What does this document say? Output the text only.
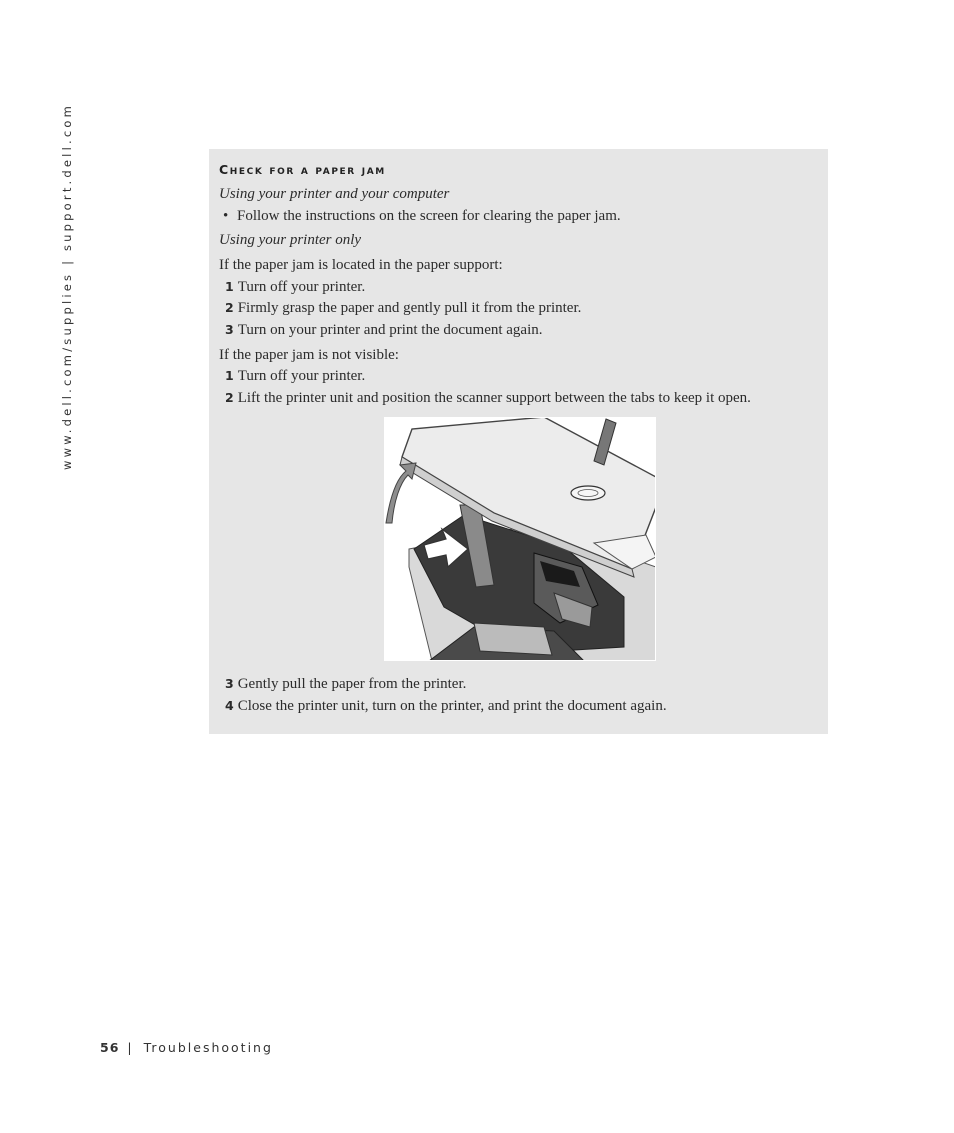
www.dell.com/supplies | support.dell.com	Check for a paper jam
Using your printer and your computer
• Follow the instructions on the screen for clearing the paper jam.
Using your printer only
If the paper jam is located in the paper support:
1 Turn off your printer.
2 Firmly grasp the paper and gently pull it from the printer.
3 Turn on your printer and print the document again.
If the paper jam is not visible:
1 Turn off your printer.
2 Lift the printer unit and position the scanner support between the tabs to keep it open.
3 Gently pull the paper from the printer.
4 Close the printer unit, turn on the printer, and print the document again.
56 | Troubleshooting
